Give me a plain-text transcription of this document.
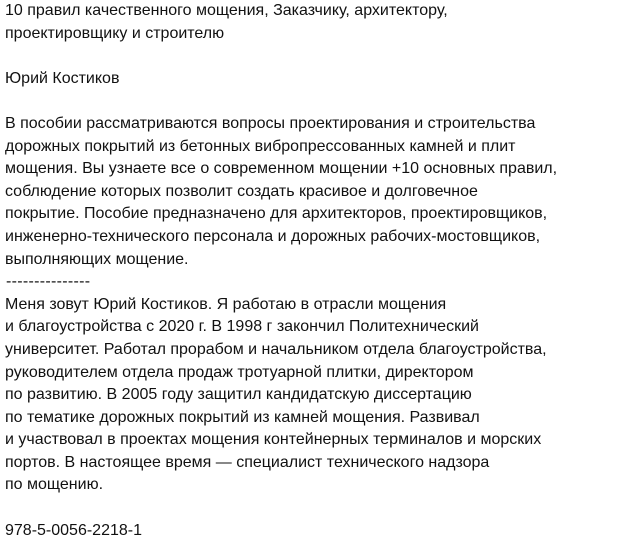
10 правил качественного мощения, Заказчику, архитектору,
проектировщику и строителю
Юрий Костиков
В пособии рассматриваются вопросы проектирования и строительства
дорожных покрытий из бетонных вибропрессованных камней и плит
мощения. Вы узнаете все о современном мощении +10 основных правил,
соблюдение которых позволит создать красивое и долговечное
покрытие. Пособие предназначено для архитекторов, проектировщиков,
инженерно-технического персонала и дорожных рабочих-мостовщиков,
выполняющих мощение.
---------------
Меня зовут Юрий Костиков. Я работаю в отрасли мощения
и благоустройства с 2020 г. В 1998 г закончил Политехнический
университет. Работал прорабом и начальником отдела благоустройства,
руководителем отдела продаж тротуарной плитки, директором
по развитию. В 2005 году защитил кандидатскую диссертацию
по тематике дорожных покрытий из камней мощения. Развивал
и участвовал в проектах мощения контейнерных терминалов и морских
портов. В настоящее время — специалист технического надзора
по мощению.
978-5-0056-2218-1
